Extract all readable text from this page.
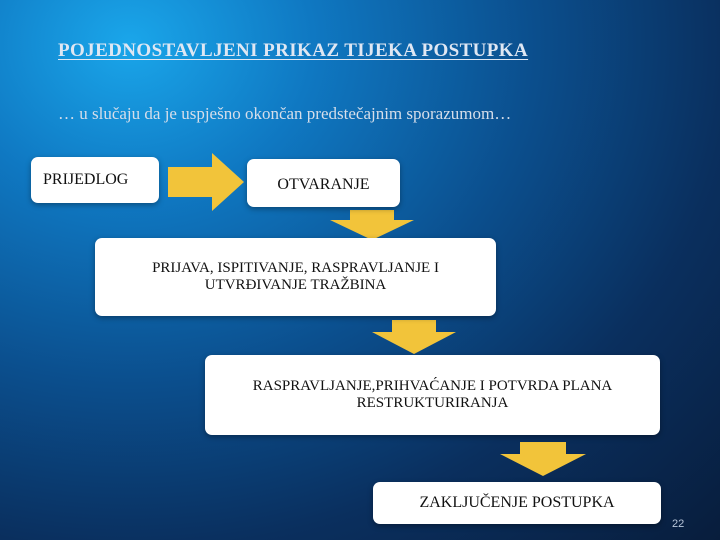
POJEDNOSTAVLJENI PRIKAZ TIJEKA POSTUPKA

… u slučaju da je uspješno okončan predstečajnim sporazumom…

PRIJEDLOG	OTVARANJE
PRIJAVA, ISPITIVANJE, RASPRAVLJANJE I
UTVRĐIVANJE TRAŽBINA
RASPRAVLJANJE,PRIHVAĆANJE I POTVRDA PLANA
RESTRUKTURIRANJA
ZAKLJUČENJE POSTUPKA

22
